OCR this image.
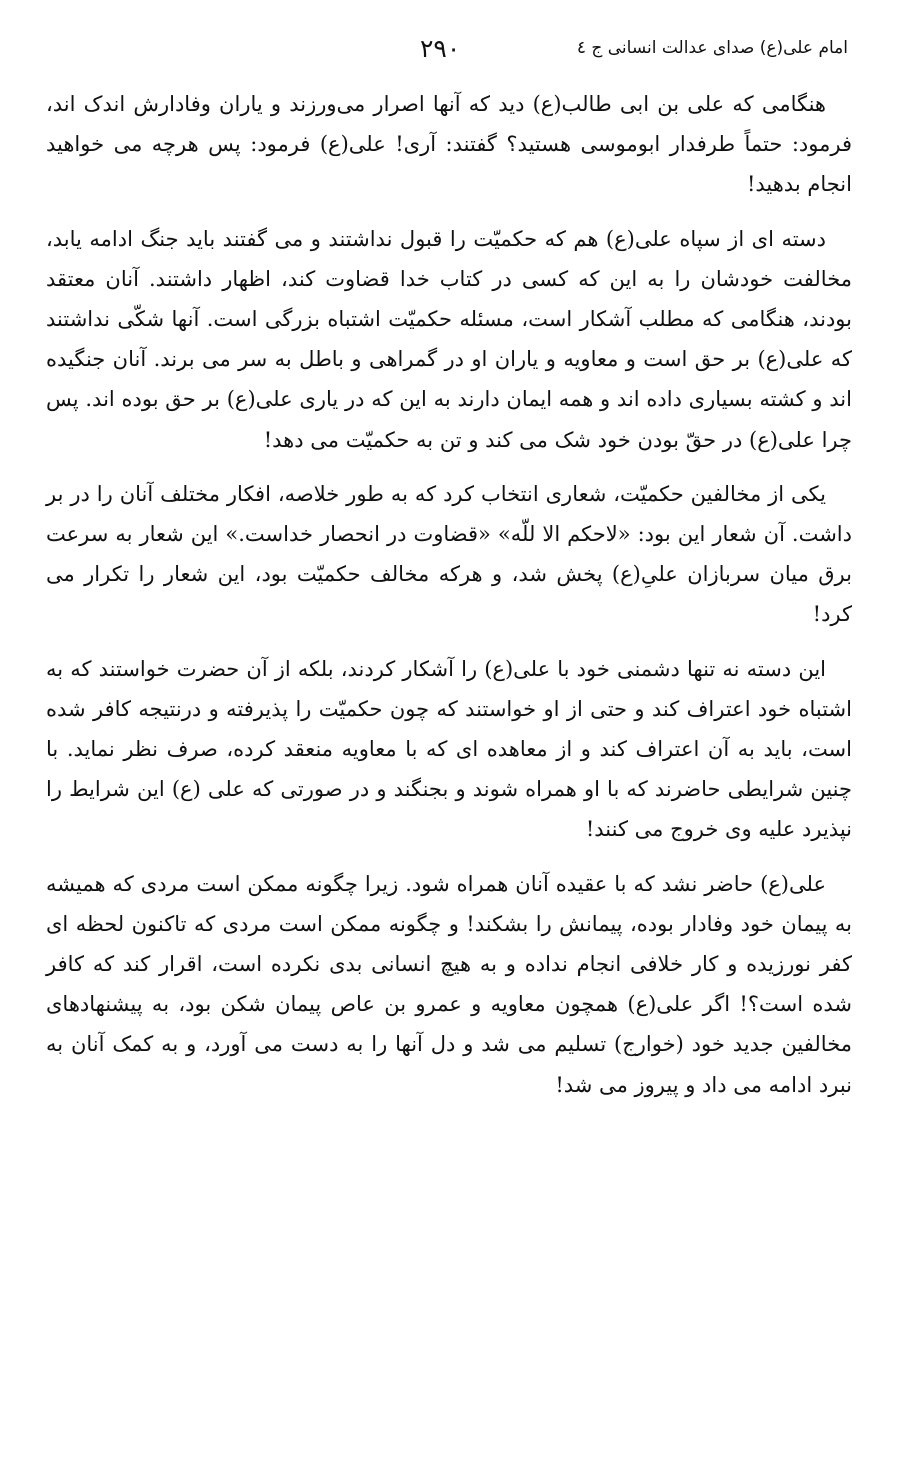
امام علی(ع) صدای عدالت انسانی ج ٤
۲۹۰

هنگامی که علی بن ابی طالب(ع) دید که آنها اصرار می‌ورزند و یاران وفادارش اندک اند، فرمود: حتماً طرفدار ابوموسی هستید؟ گفتند: آری! علی(ع) فرمود: پس هرچه می خواهید انجام بدهید!

دسته ای از سپاه علی(ع) هم که حکمیّت را قبول نداشتند و می گفتند باید جنگ ادامه یابد، مخالفت خودشان را به این که کسی در کتاب خدا قضاوت کند، اظهار داشتند. آنان معتقد بودند، هنگامی که مطلب آشکار است، مسئله حکمیّت اشتباه بزرگی است. آنها شکّی نداشتند که علی(ع) بر حق است و معاویه و یاران او در گمراهی و باطل به سر می برند. آنان جنگیده اند و کشته بسیاری داده اند و همه ایمان دارند به این که در یاری علی(ع) بر حق بوده اند. پس چرا علی(ع) در حقّ بودن خود شک می کند و تن به حکمیّت می دهد!

یکی از مخالفین حکمیّت، شعاری انتخاب کرد که به طور خلاصه، افکار مختلف آنان را در بر داشت. آن شعار این بود: «لاحکم الا للّه» «قضاوت در انحصار خداست.» این شعار به سرعت برق میان سربازان علیِ(ع) پخش شد، و هرکه مخالف حکمیّت بود، این شعار را تکرار می کرد!

این دسته نه تنها دشمنی خود با علی(ع) را آشکار کردند، بلکه از آن حضرت خواستند که به اشتباه خود اعتراف کند و حتی از او خواستند که چون حکمیّت را پذیرفته و درنتیجه کافر شده است، باید به آن اعتراف کند و از معاهده ای که با معاویه منعقد کرده، صرف نظر نماید. با چنین شرایطی حاضرند که با او همراه شوند و بجنگند و در صورتی که علی (ع) این شرایط را نپذیرد علیه وی خروج می کنند!

علی(ع) حاضر نشد که با عقیده آنان همراه شود. زیرا چگونه ممکن است مردی که همیشه به پیمان خود وفادار بوده، پیمانش را بشکند! و چگونه ممکن است مردی که تاکنون لحظه ای کفر نورزیده و کار خلافی انجام نداده و به هیچ انسانی بدی نکرده است، اقرار کند که کافر شده است؟! اگر علی(ع) همچون معاویه و عمرو بن عاص پیمان شکن بود، به پیشنهادهای مخالفین جدید خود (خوارج) تسلیم می شد و دل آنها را به دست می آورد، و به کمک آنان به نبرد ادامه می داد و پیروز می شد!
